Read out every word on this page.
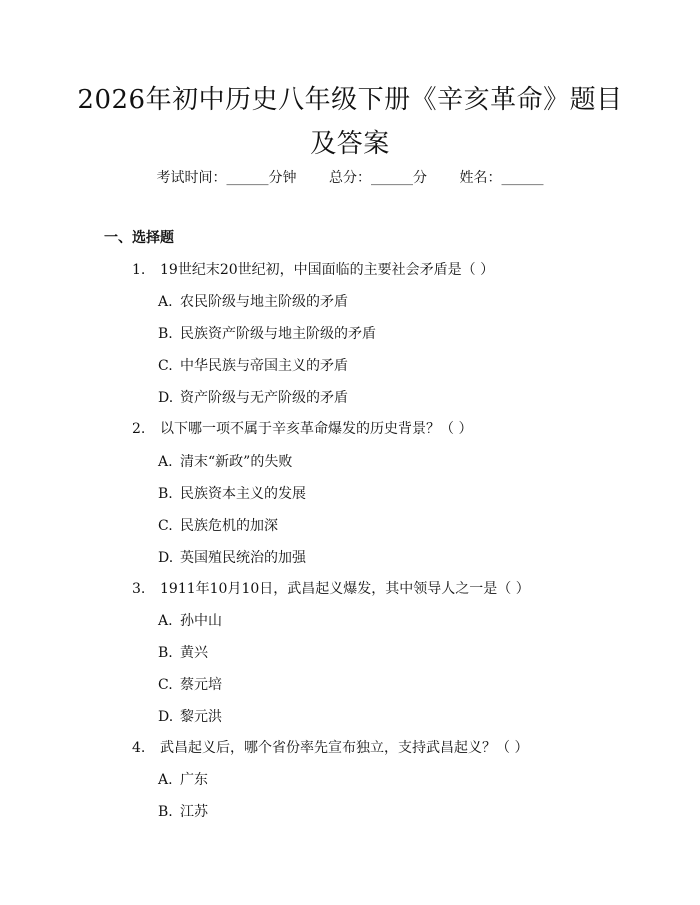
2026年初中历史八年级下册《辛亥革命》题目及答案
考试时间：______分钟 总分：______分 姓名：______
一、选择题
1. 19世纪末20世纪初，中国面临的主要社会矛盾是（ ）
A. 农民阶级与地主阶级的矛盾
B. 民族资产阶级与地主阶级的矛盾
C. 中华民族与帝国主义的矛盾
D. 资产阶级与无产阶级的矛盾
2. 以下哪一项不属于辛亥革命爆发的历史背景？（ ）
A. 清末“新政”的失败
B. 民族资本主义的发展
C. 民族危机的加深
D. 英国殖民统治的加强
3. 1911年10月10日，武昌起义爆发，其中领导人之一是（ ）
A. 孙中山
B. 黄兴
C. 蔡元培
D. 黎元洪
4. 武昌起义后，哪个省份率先宣布独立，支持武昌起义？（ ）
A. 广东
B. 江苏
